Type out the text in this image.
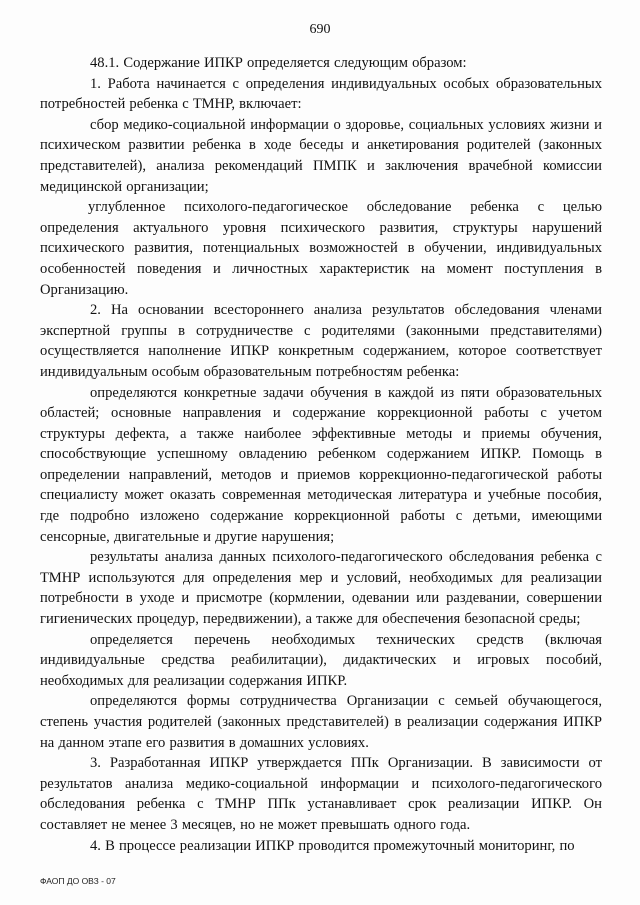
690

48.1. Содержание ИПКР определяется следующим образом:

1. Работа начинается с определения индивидуальных особых образовательных потребностей ребенка с ТМНР, включает:

сбор медико-социальной информации о здоровье, социальных условиях жизни и психическом развитии ребенка в ходе беседы и анкетирования родителей (законных представителей), анализа рекомендаций ПМПК и заключения врачебной комиссии медицинской организации;

углубленное психолого-педагогическое обследование ребенка с целью определения актуального уровня психического развития, структуры нарушений психического развития, потенциальных возможностей в обучении, индивидуальных особенностей поведения и личностных характеристик на момент поступления в Организацию.

2. На основании всестороннего анализа результатов обследования членами экспертной группы в сотрудничестве с родителями (законными представителями) осуществляется наполнение ИПКР конкретным содержанием, которое соответствует индивидуальным особым образовательным потребностям ребенка:

определяются конкретные задачи обучения в каждой из пяти образовательных областей; основные направления и содержание коррекционной работы с учетом структуры дефекта, а также наиболее эффективные методы и приемы обучения, способствующие успешному овладению ребенком содержанием ИПКР. Помощь в определении направлений, методов и приемов коррекционно-педагогической работы специалисту может оказать современная методическая литература и учебные пособия, где подробно изложено содержание коррекционной работы с детьми, имеющими сенсорные, двигательные и другие нарушения;

результаты анализа данных психолого-педагогического обследования ребенка с ТМНР используются для определения мер и условий, необходимых для реализации потребности в уходе и присмотре (кормлении, одевании или раздевании, совершении гигиенических процедур, передвижении), а также для обеспечения безопасной среды;

определяется перечень необходимых технических средств (включая индивидуальные средства реабилитации), дидактических и игровых пособий, необходимых для реализации содержания ИПКР.

определяются формы сотрудничества Организации с семьей обучающегося, степень участия родителей (законных представителей) в реализации содержания ИПКР на данном этапе его развития в домашних условиях.

3. Разработанная ИПКР утверждается ППк Организации. В зависимости от результатов анализа медико-социальной информации и психолого-педагогического обследования ребенка с ТМНР ППк устанавливает срок реализации ИПКР. Он составляет не менее 3 месяцев, но не может превышать одного года.

4. В процессе реализации ИПКР проводится промежуточный мониторинг, по

ФАОП ДО ОВЗ - 07
